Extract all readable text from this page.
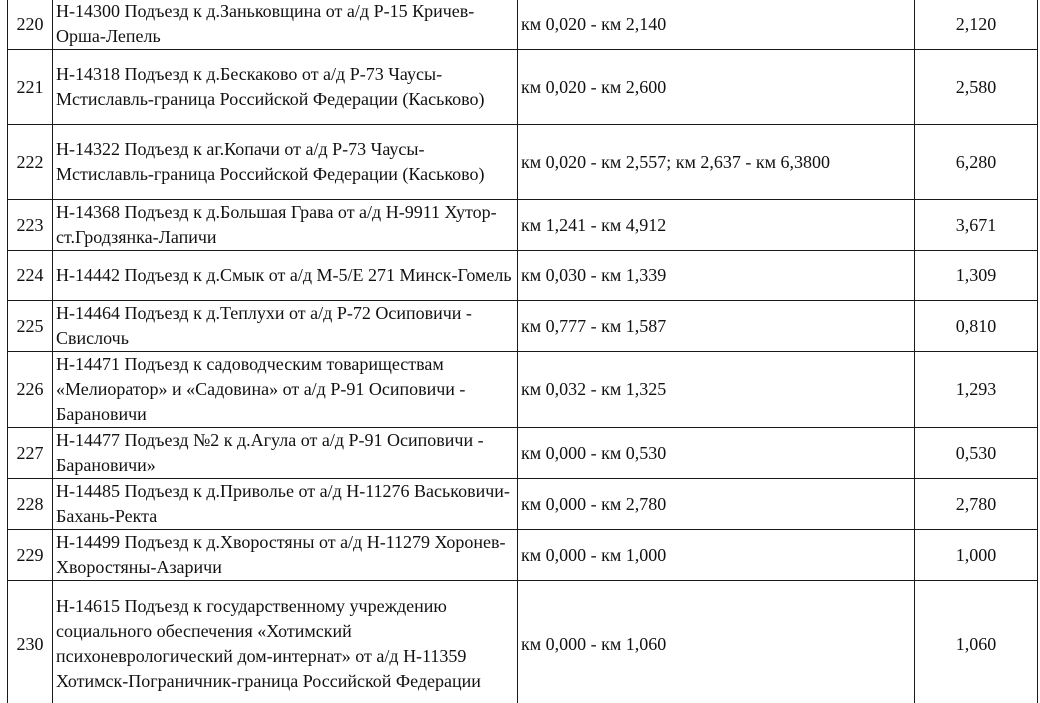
220	Н-14300 Подъезд к д.Заньковщина от а/д Р-15 Кричев-Орша-Лепель	км 0,020 - км 2,140	2,120
221	Н-14318 Подъезд к д.Бескаково от а/д Р-73 Чаусы-Мстиславль-граница Российской Федерации (Каськово)	км 0,020 - км 2,600	2,580
222	Н-14322 Подъезд к аг.Копачи от а/д Р-73 Чаусы-Мстиславль-граница Российской Федерации (Каськово)	км 0,020 - км 2,557; км 2,637 - км 6,3800	6,280
223	Н-14368 Подъезд к д.Большая Грава от а/д Н-9911 Хутор-ст.Гродзянка-Лапичи	км 1,241 - км 4,912	3,671
224	Н-14442 Подъезд к д.Смык от а/д М-5/Е 271 Минск-Гомель	км 0,030 - км 1,339	1,309
225	Н-14464 Подъезд к д.Теплухи от а/д Р-72 Осиповичи - Свислочь	км 0,777 - км 1,587	0,810
226	Н-14471 Подъезд к садоводческим товариществам «Мелиоратор» и «Садовина» от а/д Р-91 Осиповичи - Барановичи	км 0,032 - км 1,325	1,293
227	Н-14477 Подъезд №2 к д.Агула от а/д Р-91 Осиповичи - Барановичи»	км 0,000 - км 0,530	0,530
228	Н-14485 Подъезд к д.Приволье от а/д Н-11276 Васьковичи-Бахань-Ректа	км 0,000 - км 2,780	2,780
229	Н-14499 Подъезд к д.Хворостяны от а/д Н-11279 Хоронев-Хворостяны-Азаричи	км 0,000 - км 1,000	1,000
230	Н-14615 Подъезд к государственному учреждению социального обеспечения «Хотимский психоневрологический дом-интернат» от а/д Н-11359 Хотимск-Пограничник-граница Российской Федерации	км 0,000 - км 1,060	1,060
